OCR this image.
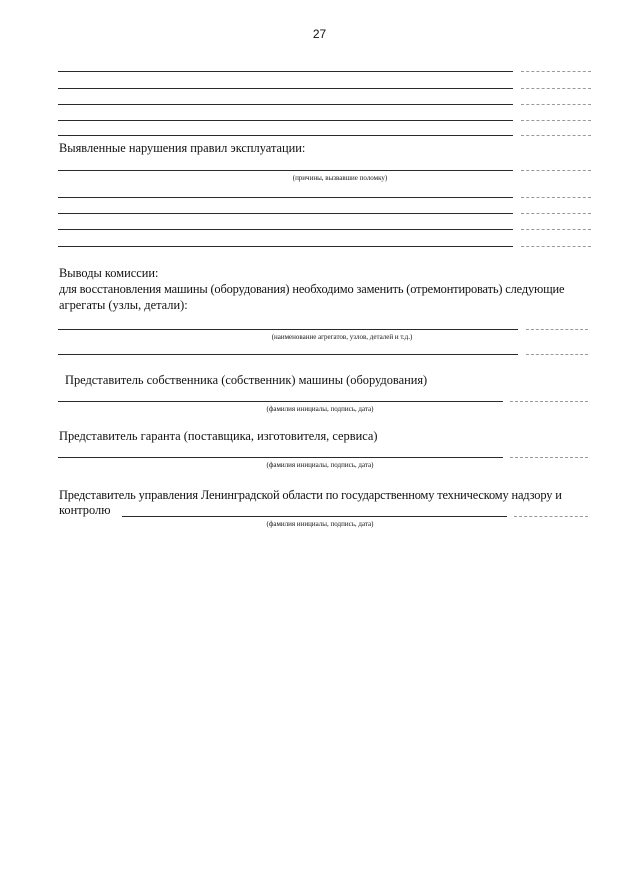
27
Выявленные нарушения правил эксплуатации:
(причины, вызвавшие поломку)
Выводы комиссии:
для восстановления машины (оборудования) необходимо заменить (отремонтировать) следующие
агрегаты (узлы, детали):
(наименование агрегатов, узлов, деталей и т.д.)
Представитель собственника (собственник) машины (оборудования)
(фамилия инициалы, подпись, дата)
Представитель гаранта (поставщика, изготовителя, сервиса)
(фамилия инициалы, подпись, дата)
Представитель управления Ленинградской области по государственному техническому надзору и
контролю
(фамилия инициалы, подпись, дата)
